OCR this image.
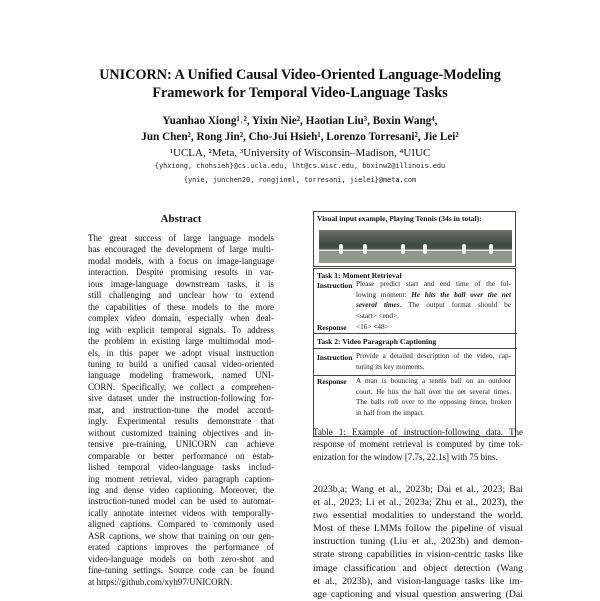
UNICORN: A Unified Causal Video-Oriented Language-Modeling
Framework for Temporal Video-Language Tasks
Yuanhao Xiong¹˒², Yixin Nie², Haotian Liu³, Boxin Wang⁴,
Jun Chen², Rong Jin², Cho-Jui Hsieh¹, Lorenzo Torresani², Jie Lei²
¹UCLA, ²Meta, ³University of Wisconsin–Madison, ⁴UIUC
{yhxiong, chohsieh}@cs.ucla.edu, lht@cs.wisc.edu, boxinw2@illinois.edu
{ynie, junchen20, rongjinml, torresani, jielei}@meta.com
Abstract
The great success of large language models
has encouraged the development of large multi-
modal models, with a focus on image-language
interaction. Despite promising results in var-
ious image-language downstream tasks, it is
still challenging and unclear how to extend
the capabilities of these models to the more
complex video domain, especially when deal-
ing with explicit temporal signals. To address
the problem in existing large multimodal mod-
els, in this paper we adopt visual instruction
tuning to build a unified causal video-oriented
language modeling framework, named UNI-
CORN. Specifically, we collect a comprehen-
sive dataset under the instruction-following for-
mat, and instruction-tune the model accord-
ingly. Experimental results demonstrate that
without customized training objectives and in-
tensive pre-training, UNICORN can achieve
comparable or better performance on estab-
lished temporal video-language tasks includ-
ing moment retrieval, video paragraph caption-
ing and dense video captioning. Moreover, the
instruction-tuned model can be used to automat-
ically annotate internet videos with temporally-
aligned captions. Compared to commonly used
ASR captions, we show that training on our gen-
erated captions improves the performance of
video-language models on both zero-shot and
fine-tuning settings. Source code can be found
at https://github.com/xyh97/UNICORN.
Visual input example, Playing Tennis (34s in total):
Task 1: Moment Retrieval
Instruction Please predict start and end time of the fol-
lowing moment: He hits the ball over the net
several times. The output format should be
<start> <end>.
Response <16> <48>
Task 2: Video Paragraph Captioning
Instruction Provide a detailed description of the video, cap-
turing its key moments.
Response A man is bouncing a tennis ball on an outdoor
court. He hits the ball over the net several times.
The balls roll over to the opposing fence, broken
in half from the impact.
Table 1: Example of instruction-following data. The
response of moment retrieval is computed by time tok-
enization for the window [7.7s, 22.1s] with 75 bins.
2023b,a; Wang et al., 2023b; Dai et al., 2023; Bai
et al., 2023; Li et al., 2023a; Zhu et al., 2023), the
two essential modalities to understand the world.
Most of these LMMs follow the pipeline of visual
instruction tuning (Liu et al., 2023b) and demon-
strate strong capabilities in vision-centric tasks like
image classification and object detection (Wang
et al., 2023b), and vision-language tasks like im-
age captioning and visual question answering (Dai
